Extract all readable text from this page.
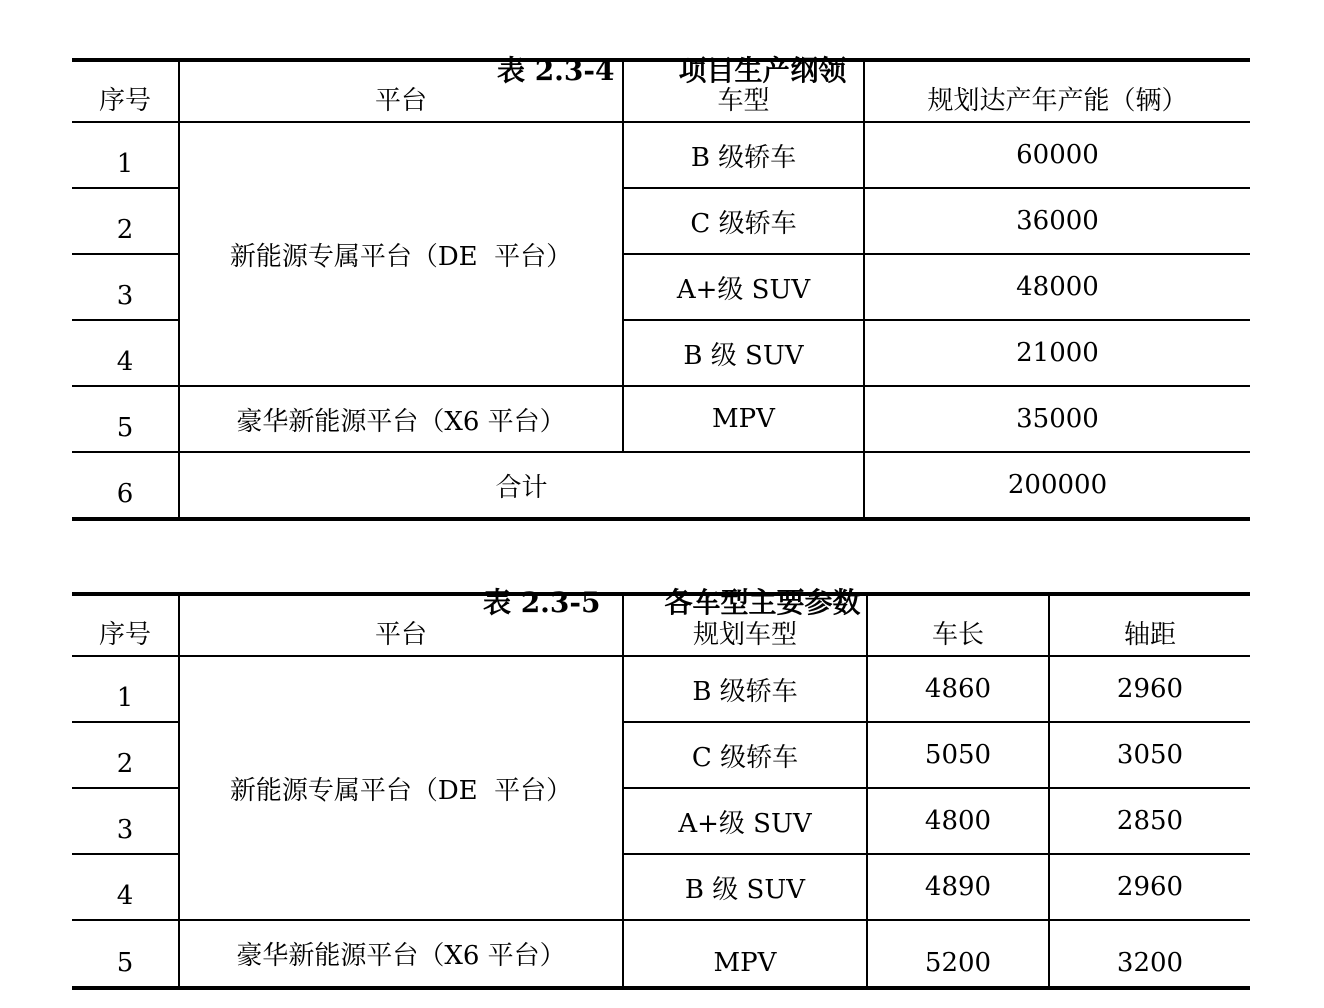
表 2.3-4 项目生产纲领

序号	平台	车型	规划达产年产能（辆）
1	新能源专属平台（DE  平台）	B 级轿车	60000
2		C 级轿车	36000
3		A+级 SUV	48000
4		B 级 SUV	21000
5	豪华新能源平台（X6 平台）	MPV	35000
6	合计		200000

表 2.3-5 各车型主要参数

序号	平台	规划车型	车长	轴距
1	新能源专属平台（DE  平台）	B 级轿车	4860	2960
2		C 级轿车	5050	3050
3		A+级 SUV	4800	2850
4		B 级 SUV	4890	2960
5	豪华新能源平台（X6 平台）	MPV	5200	3200
